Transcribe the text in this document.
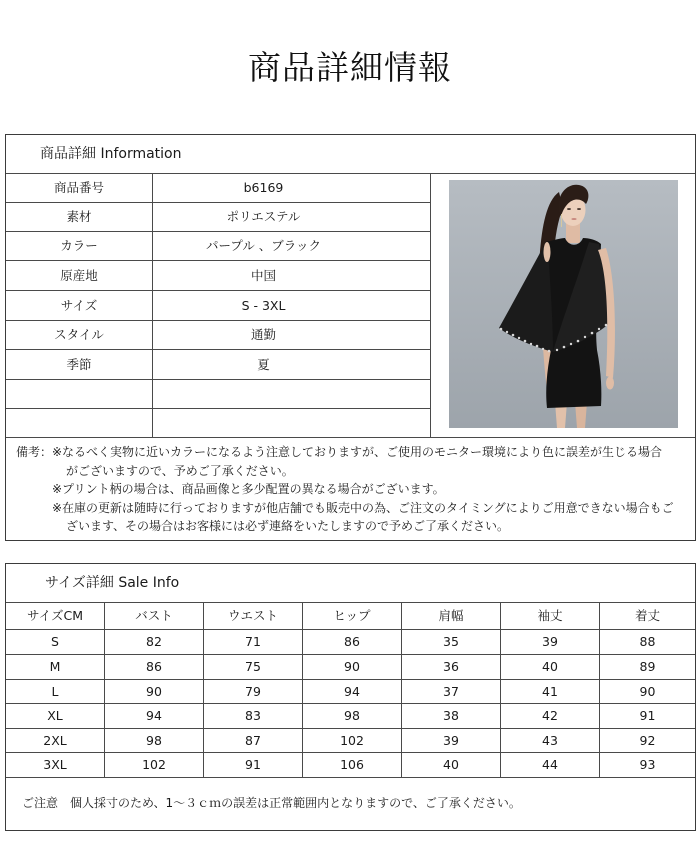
商品詳細情報
商品詳細 Information
商品番号	b6169
素材	ポリエステル
カラー	パープル 、ブラック
原産地	中国
サイズ	S - 3XL
スタイル	通勤
季節	夏
備考： ※なるべく実物に近いカラーになるよう注意しておりますが、ご使用のモニター環境により色に誤差が生じる場合
がございますので、予めご了承ください。
※プリント柄の場合は、商品画像と多少配置の異なる場合がございます。
※在庫の更新は随時に行っておりますが他店舗でも販売中の為、ご注文のタイミングによりご用意できない場合もご
ざいます、その場合はお客様には必ず連絡をいたしますので予めご了承ください。
サイズ詳細 Sale Info
サイズCM	バスト	ウエスト	ヒップ	肩幅	袖丈	着丈
S	82	71	86	35	39	88
M	86	75	90	36	40	89
L	90	79	94	37	41	90
XL	94	83	98	38	42	91
2XL	98	87	102	39	43	92
3XL	102	91	106	40	44	93
ご注意　個人採寸のため、1～３ｃｍの誤差は正常範囲内となりますので、ご了承ください。
